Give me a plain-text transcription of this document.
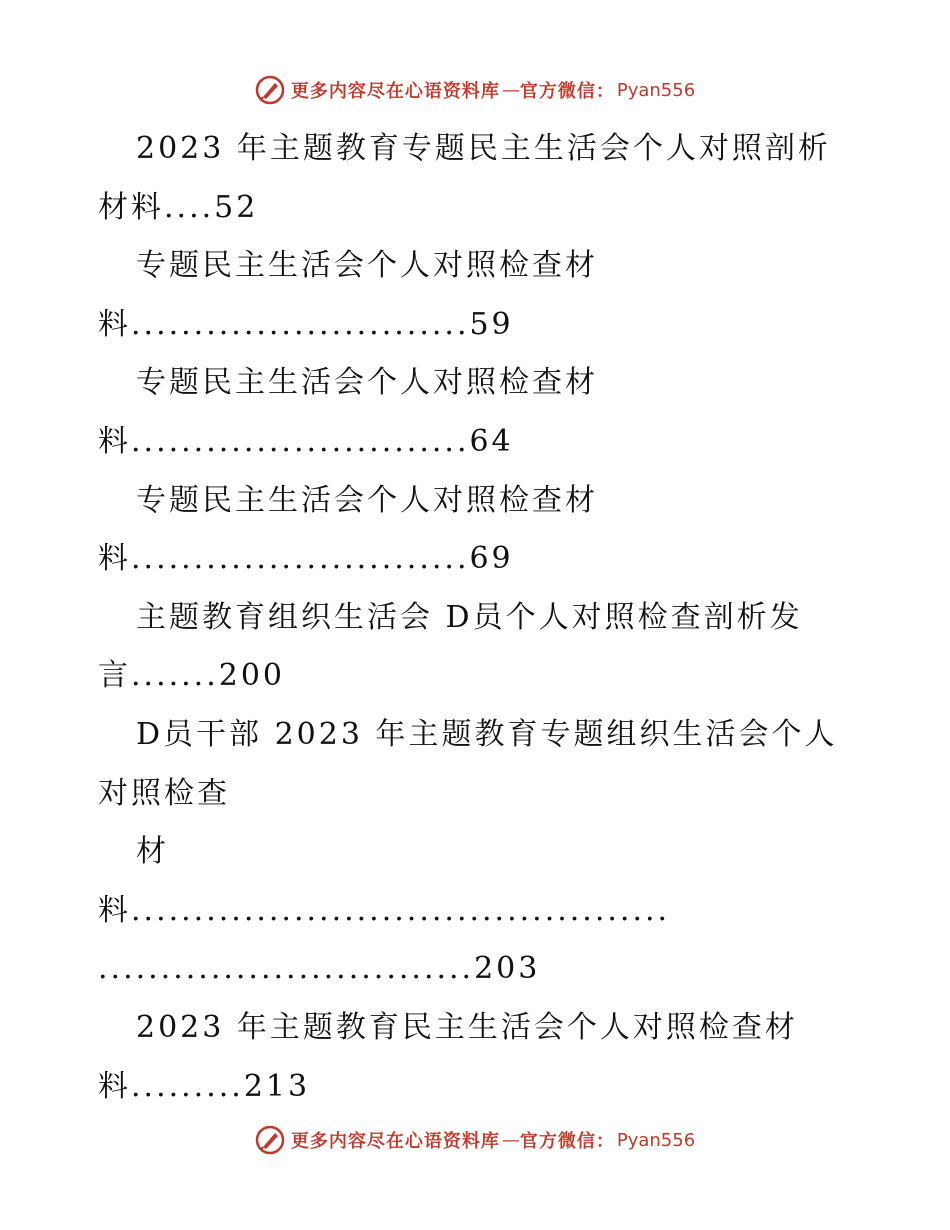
更多内容尽在心语资料库 — 官方微信： Pyan556
2023 年主题教育专题民主生活会个人对照剖析
材料....52
专题民主生活会个人对照检查材
料...........................59
专题民主生活会个人对照检查材
料...........................64
专题民主生活会个人对照检查材
料...........................69
主题教育组织生活会 D员个人对照检查剖析发
言.......200
D员干部 2023 年主题教育专题组织生活会个人
对照检查
材
料...........................................
..............................203
2023 年主题教育民主生活会个人对照检查材
料.........213
更多内容尽在心语资料库 — 官方微信： Pyan556
